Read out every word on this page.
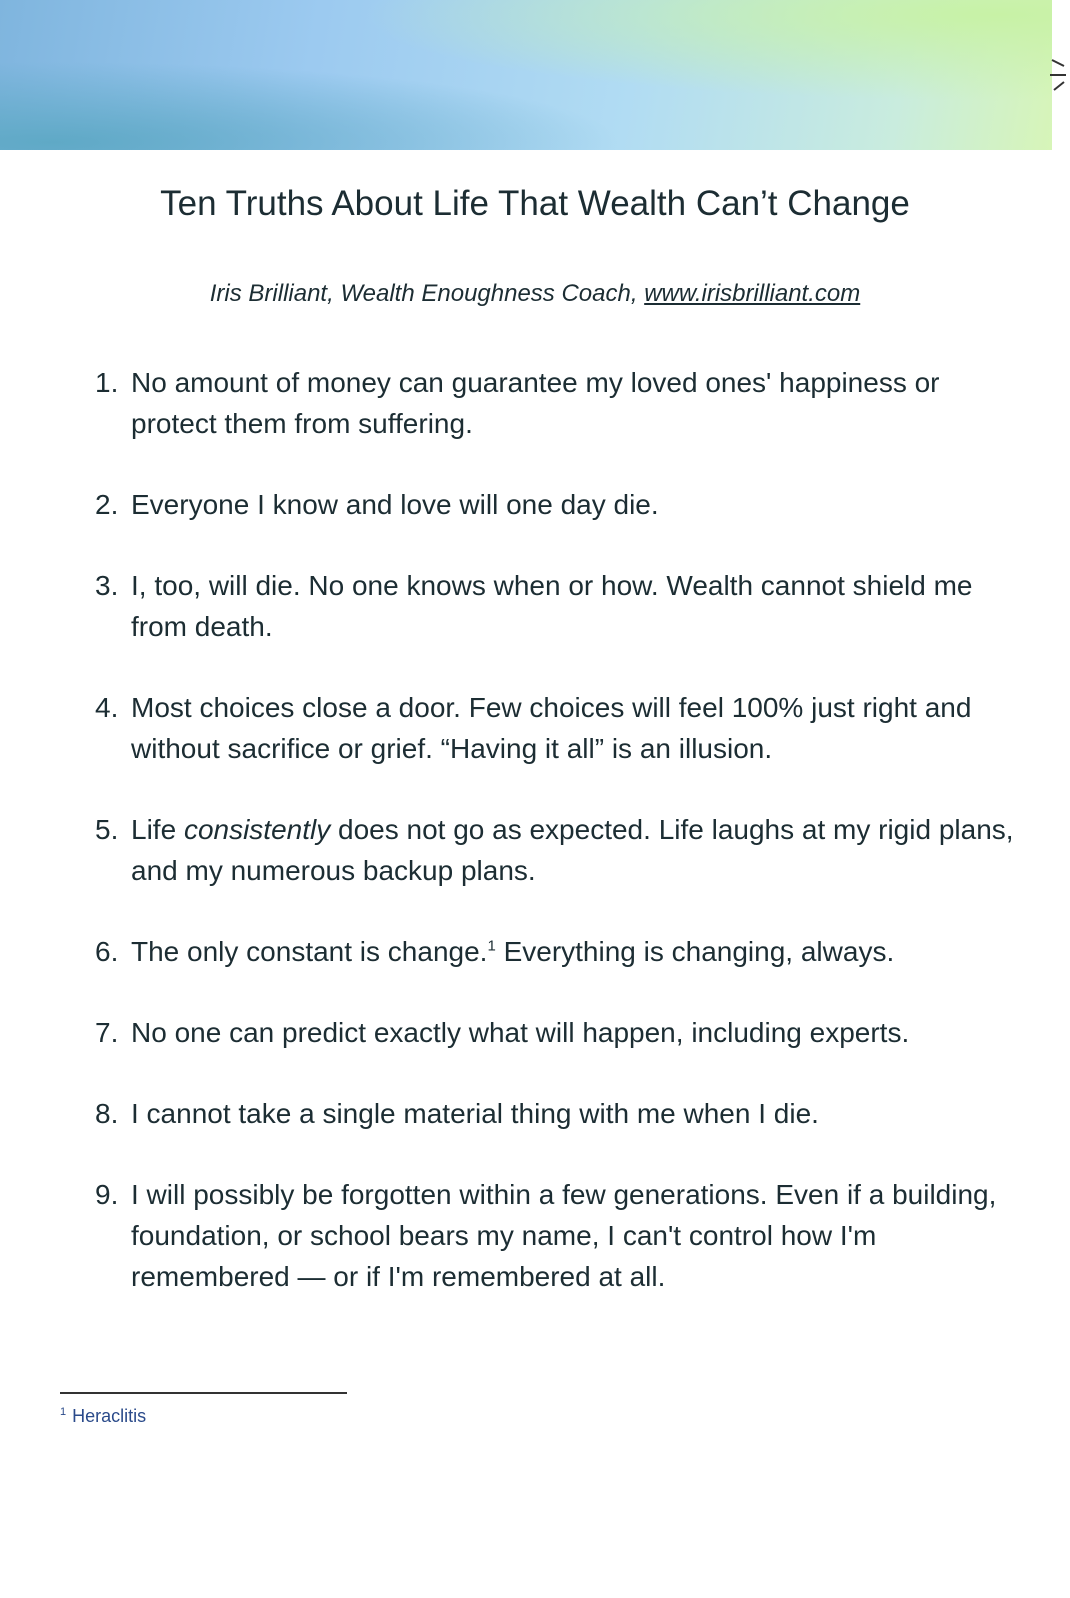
Ten Truths About Life That Wealth Can’t Change
Iris Brilliant, Wealth Enoughness Coach, www.irisbrilliant.com
1. No amount of money can guarantee my loved ones' happiness or protect them from suffering.
2. Everyone I know and love will one day die.
3. I, too, will die. No one knows when or how. Wealth cannot shield me from death.
4. Most choices close a door. Few choices will feel 100% just right and without sacrifice or grief. “Having it all” is an illusion.
5. Life consistently does not go as expected. Life laughs at my rigid plans, and my numerous backup plans.
6. The only constant is change.$^1$ Everything is changing, always.
7. No one can predict exactly what will happen, including experts.
8. I cannot take a single material thing with me when I die.
9. I will possibly be forgotten within a few generations. Even if a building, foundation, or school bears my name, I can't control how I'm remembered — or if I'm remembered at all.
$^1$ Heraclitis
